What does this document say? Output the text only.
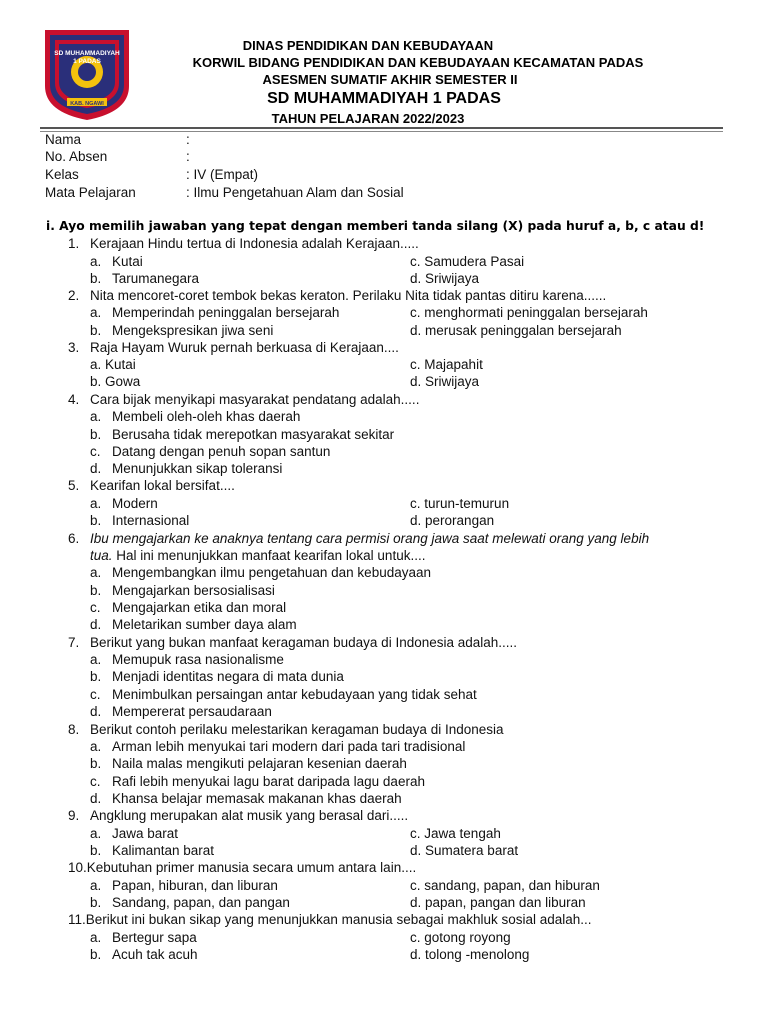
SD MUHAMMADIYAH
1 PADAS
KAB. NGAWI
DINAS PENDIDIKAN DAN KEBUDAYAAN
KORWIL BIDANG PENDIDIKAN DAN KEBUDAYAAN KECAMATAN PADAS
ASESMEN SUMATIF AKHIR SEMESTER II
SD MUHAMMADIYAH 1 PADAS
TAHUN PELAJARAN 2022/2023
Nama	:
No. Absen	:
Kelas	: IV (Empat)
Mata Pelajaran	: Ilmu Pengetahuan Alam dan Sosial
i. Ayo memilih jawaban yang tepat dengan memberi tanda silang (X) pada huruf a, b, c atau d!
1. Kerajaan Hindu tertua di Indonesia adalah Kerajaan.....
a. Kutai	c. Samudera Pasai
b. Tarumanegara	d. Sriwijaya
2. Nita mencoret-coret tembok bekas keraton. Perilaku Nita tidak pantas ditiru karena......
a. Memperindah peninggalan bersejarah	c. menghormati peninggalan bersejarah
b. Mengekspresikan jiwa seni	d. merusak peninggalan bersejarah
3. Raja Hayam Wuruk pernah berkuasa di Kerajaan....
a. Kutai	c. Majapahit
b. Gowa	d. Sriwijaya
4. Cara bijak menyikapi masyarakat pendatang adalah.....
a. Membeli oleh-oleh khas daerah
b. Berusaha tidak merepotkan masyarakat sekitar
c. Datang dengan penuh sopan santun
d. Menunjukkan sikap toleransi
5. Kearifan lokal bersifat....
a. Modern	c. turun-temurun
b. Internasional	d. perorangan
6. Ibu mengajarkan ke anaknya tentang cara permisi orang jawa saat melewati orang yang lebih
tua. Hal ini menunjukkan manfaat kearifan lokal untuk....
a. Mengembangkan ilmu pengetahuan dan kebudayaan
b. Mengajarkan bersosialisasi
c. Mengajarkan etika dan moral
d. Meletarikan sumber daya alam
7. Berikut yang bukan manfaat keragaman budaya di Indonesia adalah.....
a. Memupuk rasa nasionalisme
b. Menjadi identitas negara di mata dunia
c. Menimbulkan persaingan antar kebudayaan yang tidak sehat
d. Mempererat persaudaraan
8. Berikut contoh perilaku melestarikan keragaman budaya di Indonesia
a. Arman lebih menyukai tari modern dari pada tari tradisional
b. Naila malas mengikuti pelajaran kesenian daerah
c. Rafi lebih menyukai lagu barat daripada lagu daerah
d. Khansa belajar memasak makanan khas daerah
9. Angklung merupakan alat musik yang berasal dari.....
a. Jawa barat	c. Jawa tengah
b. Kalimantan barat	d. Sumatera barat
10.Kebutuhan primer manusia secara umum antara lain....
a. Papan, hiburan, dan liburan	c. sandang, papan, dan hiburan
b. Sandang, papan, dan pangan	d. papan, pangan dan liburan
11.Berikut ini bukan sikap yang menunjukkan manusia sebagai makhluk sosial adalah...
a. Bertegur sapa	c. gotong royong
b. Acuh tak acuh	d. tolong -menolong
